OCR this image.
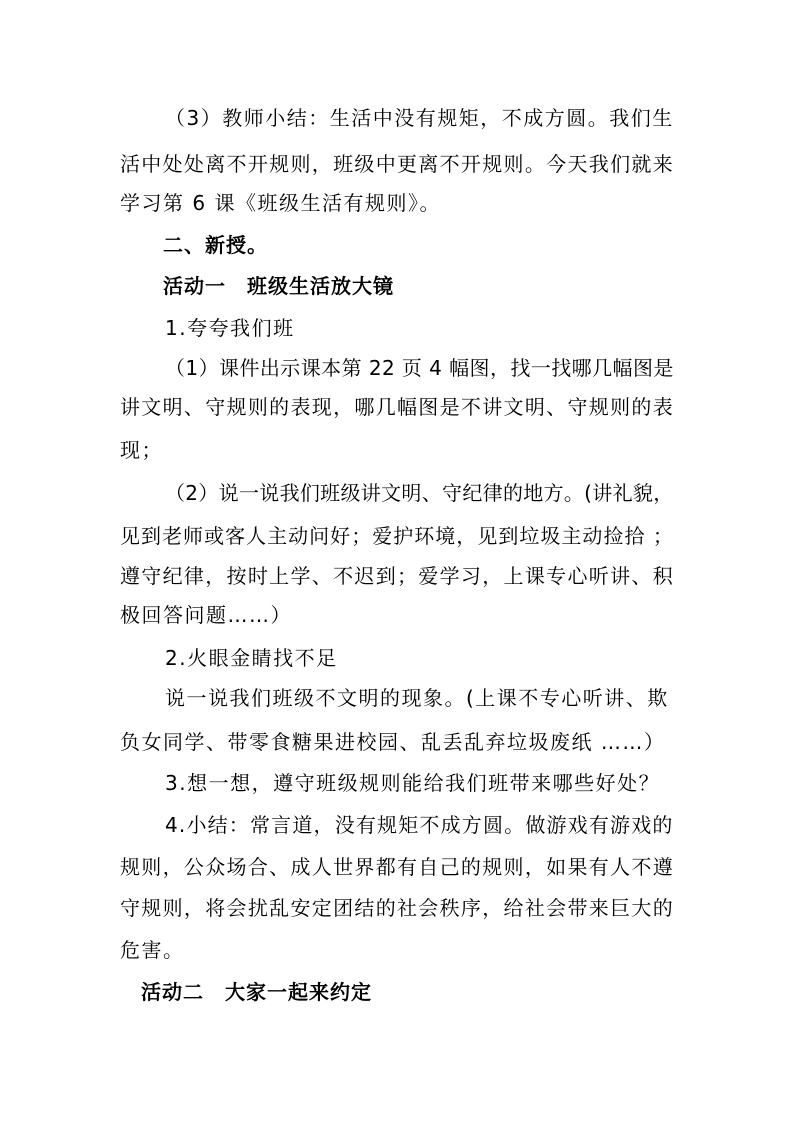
（3）教师小结：生活中没有规矩，不成方圆。我们生
活中处处离不开规则，班级中更离不开规则。今天我们就来
学习第 6 课《班级生活有规则》。
二、新授。
活动一　班级生活放大镜
1.夸夸我们班
（1）课件出示课本第 22 页 4 幅图，找一找哪几幅图是
讲文明、守规则的表现，哪几幅图是不讲文明、守规则的表
现；
（2）说一说我们班级讲文明、守纪律的地方。(讲礼貌，
见到老师或客人主动问好；爱护环境，见到垃圾主动捡拾 ；
遵守纪律，按时上学、不迟到；爱学习，上课专心听讲、积
极回答问题……）
2.火眼金睛找不足
说一说我们班级不文明的现象。(上课不专心听讲、欺
负女同学、带零食糖果进校园、乱丢乱弃垃圾废纸 ……）
3.想一想，遵守班级规则能给我们班带来哪些好处？
4.小结：常言道，没有规矩不成方圆。做游戏有游戏的
规则，公众场合、成人世界都有自己的规则，如果有人不遵
守规则，将会扰乱安定团结的社会秩序，给社会带来巨大的
危害。
活动二　大家一起来约定
